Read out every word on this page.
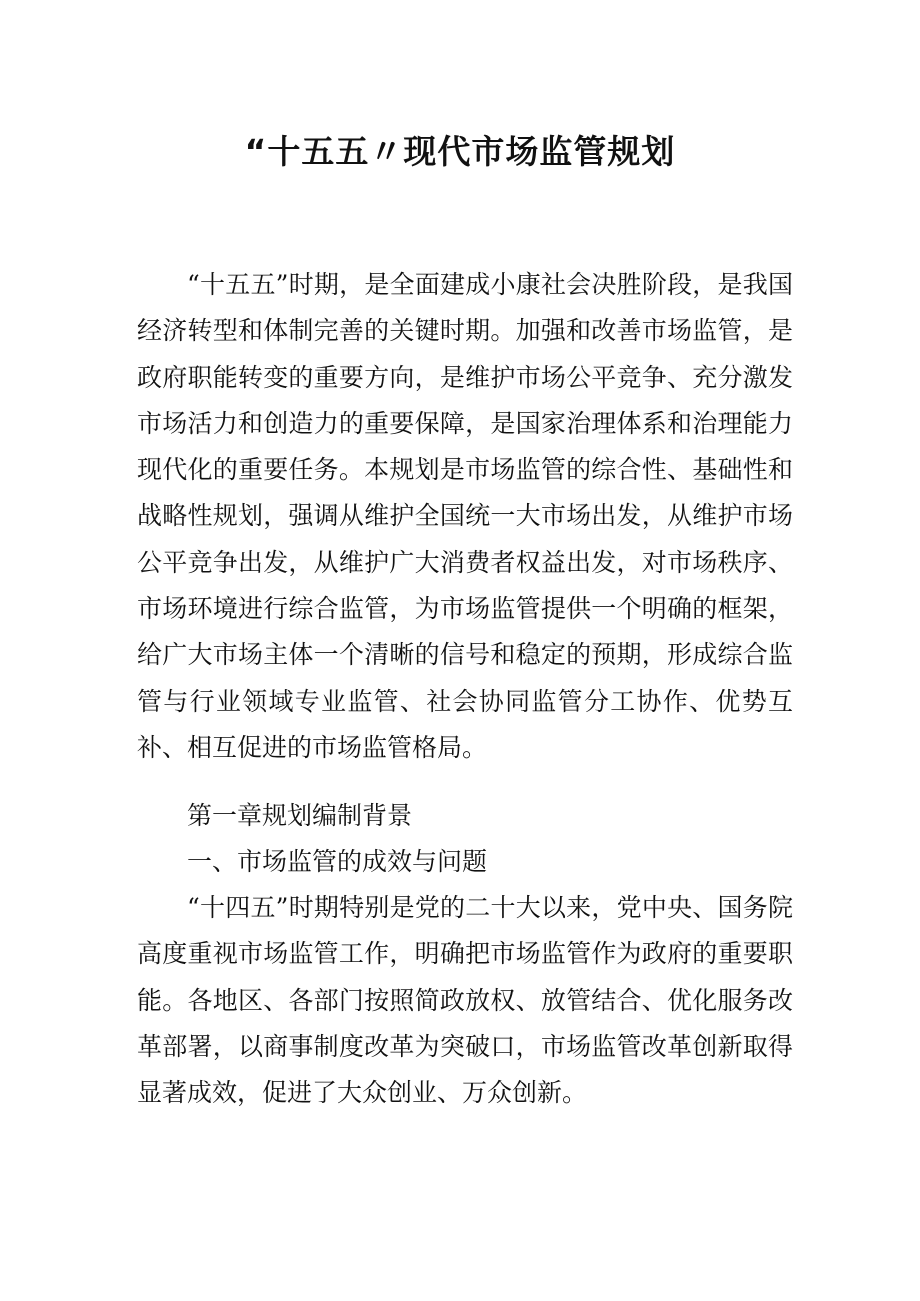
“十五五〃现代市场监管规划

“十五五”时期，是全面建成小康社会决胜阶段，是我国经济转型和体制完善的关键时期。加强和改善市场监管，是政府职能转变的重要方向，是维护市场公平竞争、充分激发市场活力和创造力的重要保障，是国家治理体系和治理能力现代化的重要任务。本规划是市场监管的综合性、基础性和战略性规划，强调从维护全国统一大市场出发，从维护市场公平竞争出发，从维护广大消费者权益出发，对市场秩序、市场环境进行综合监管，为市场监管提供一个明确的框架，给广大市场主体一个清晰的信号和稳定的预期，形成综合监管与行业领域专业监管、社会协同监管分工协作、优势互补、相互促进的市场监管格局。

第一章规划编制背景

一、市场监管的成效与问题

“十四五”时期特别是党的二十大以来，党中央、国务院高度重视市场监管工作，明确把市场监管作为政府的重要职能。各地区、各部门按照简政放权、放管结合、优化服务改革部署，以商事制度改革为突破口，市场监管改革创新取得显著成效，促进了大众创业、万众创新。
